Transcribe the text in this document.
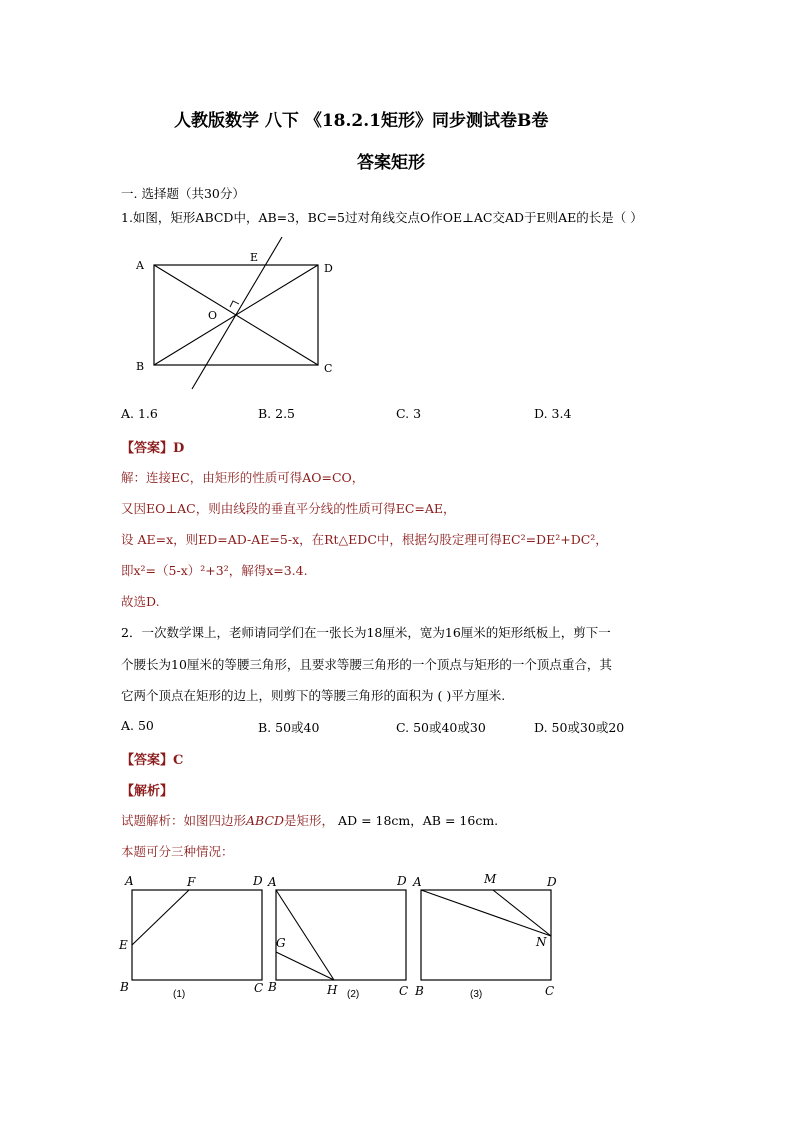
人教版数学 八下 《18.2.1矩形》同步测试卷B卷
答案矩形
一. 选择题（共30分）
1.如图，矩形ABCD中，AB=3，BC=5过对角线交点O作OE⊥AC交AD于E则AE的长是（ ）
A
E
D
O
B	C
A. 1.6	B. 2.5	C. 3	D. 3.4
【答案】D
解：连接EC，由矩形的性质可得AO=CO，
又因EO⊥AC，则由线段的垂直平分线的性质可得EC=AE，
设 AE=x，则ED=AD-AE=5-x，在Rt△EDC中，根据勾股定理可得EC²=DE²+DC²，
即x²=（5-x）²+3²，解得x=3.4.
故选D.
2．一次数学课上，老师请同学们在一张长为18厘米，宽为16厘米的矩形纸板上，剪下一
个腰长为10厘米的等腰三角形，且要求等腰三角形的一个顶点与矩形的一个顶点重合，其
它两个顶点在矩形的边上，则剪下的等腰三角形的面积为 ( )平方厘米.
A. 50	B. 50或40	C. 50或40或30	D. 50或30或20
【答案】C
【解析】
试题解析：如图四边形ABCD是矩形， AD = 18cm，AB = 16cm.
本题可分三种情况：
A	F	D
E
B	C
(1)
A	D
G
B	H	C
(2)
A	M	D
N
B	C
(3)
